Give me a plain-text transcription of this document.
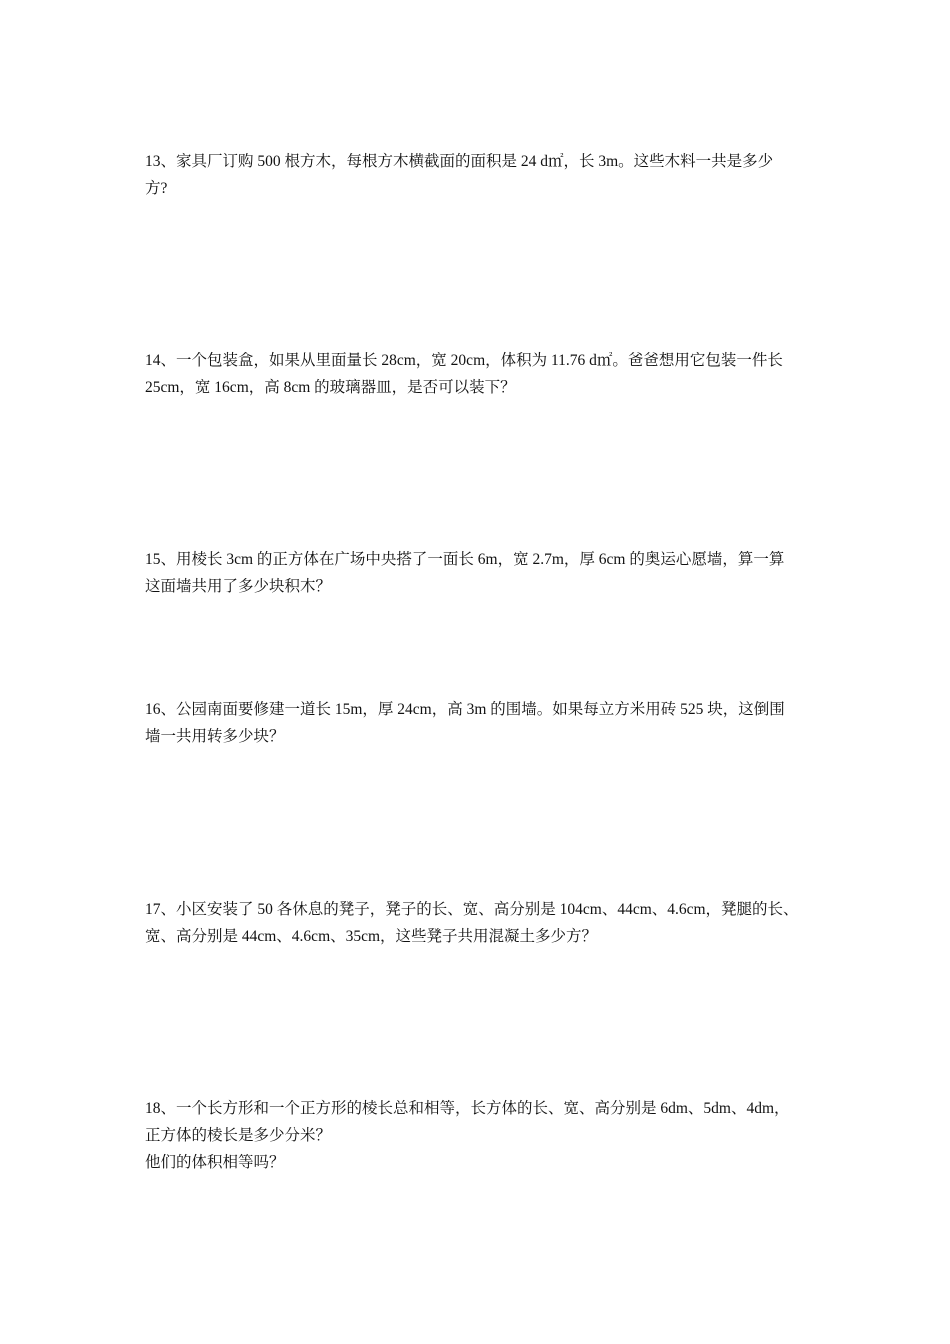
13、家具厂订购 500 根方木，每根方木横截面的面积是 24 d㎡，长 3m。这些木料一共是多少
方?

14、一个包装盒，如果从里面量长 28cm，宽 20cm，体积为 11.76 d㎡。爸爸想用它包装一件长
25cm，宽 16cm，高 8cm 的玻璃器皿，是否可以装下？

15、用棱长 3cm 的正方体在广场中央搭了一面长 6m，宽 2.7m，厚 6cm 的奥运心愿墙，算一算
这面墙共用了多少块积木？

16、公园南面要修建一道长 15m，厚 24cm，高 3m 的围墙。如果每立方米用砖 525 块，这倒围
墙一共用转多少块？

17、小区安装了 50 各休息的凳子，凳子的长、宽、高分别是 104cm、44cm、4.6cm，凳腿的长、
宽、高分别是 44cm、4.6cm、35cm，这些凳子共用混凝土多少方？

18、一个长方形和一个正方形的棱长总和相等，长方体的长、宽、高分别是 6dm、5dm、4dm，
正方体的棱长是多少分米？
他们的体积相等吗？
